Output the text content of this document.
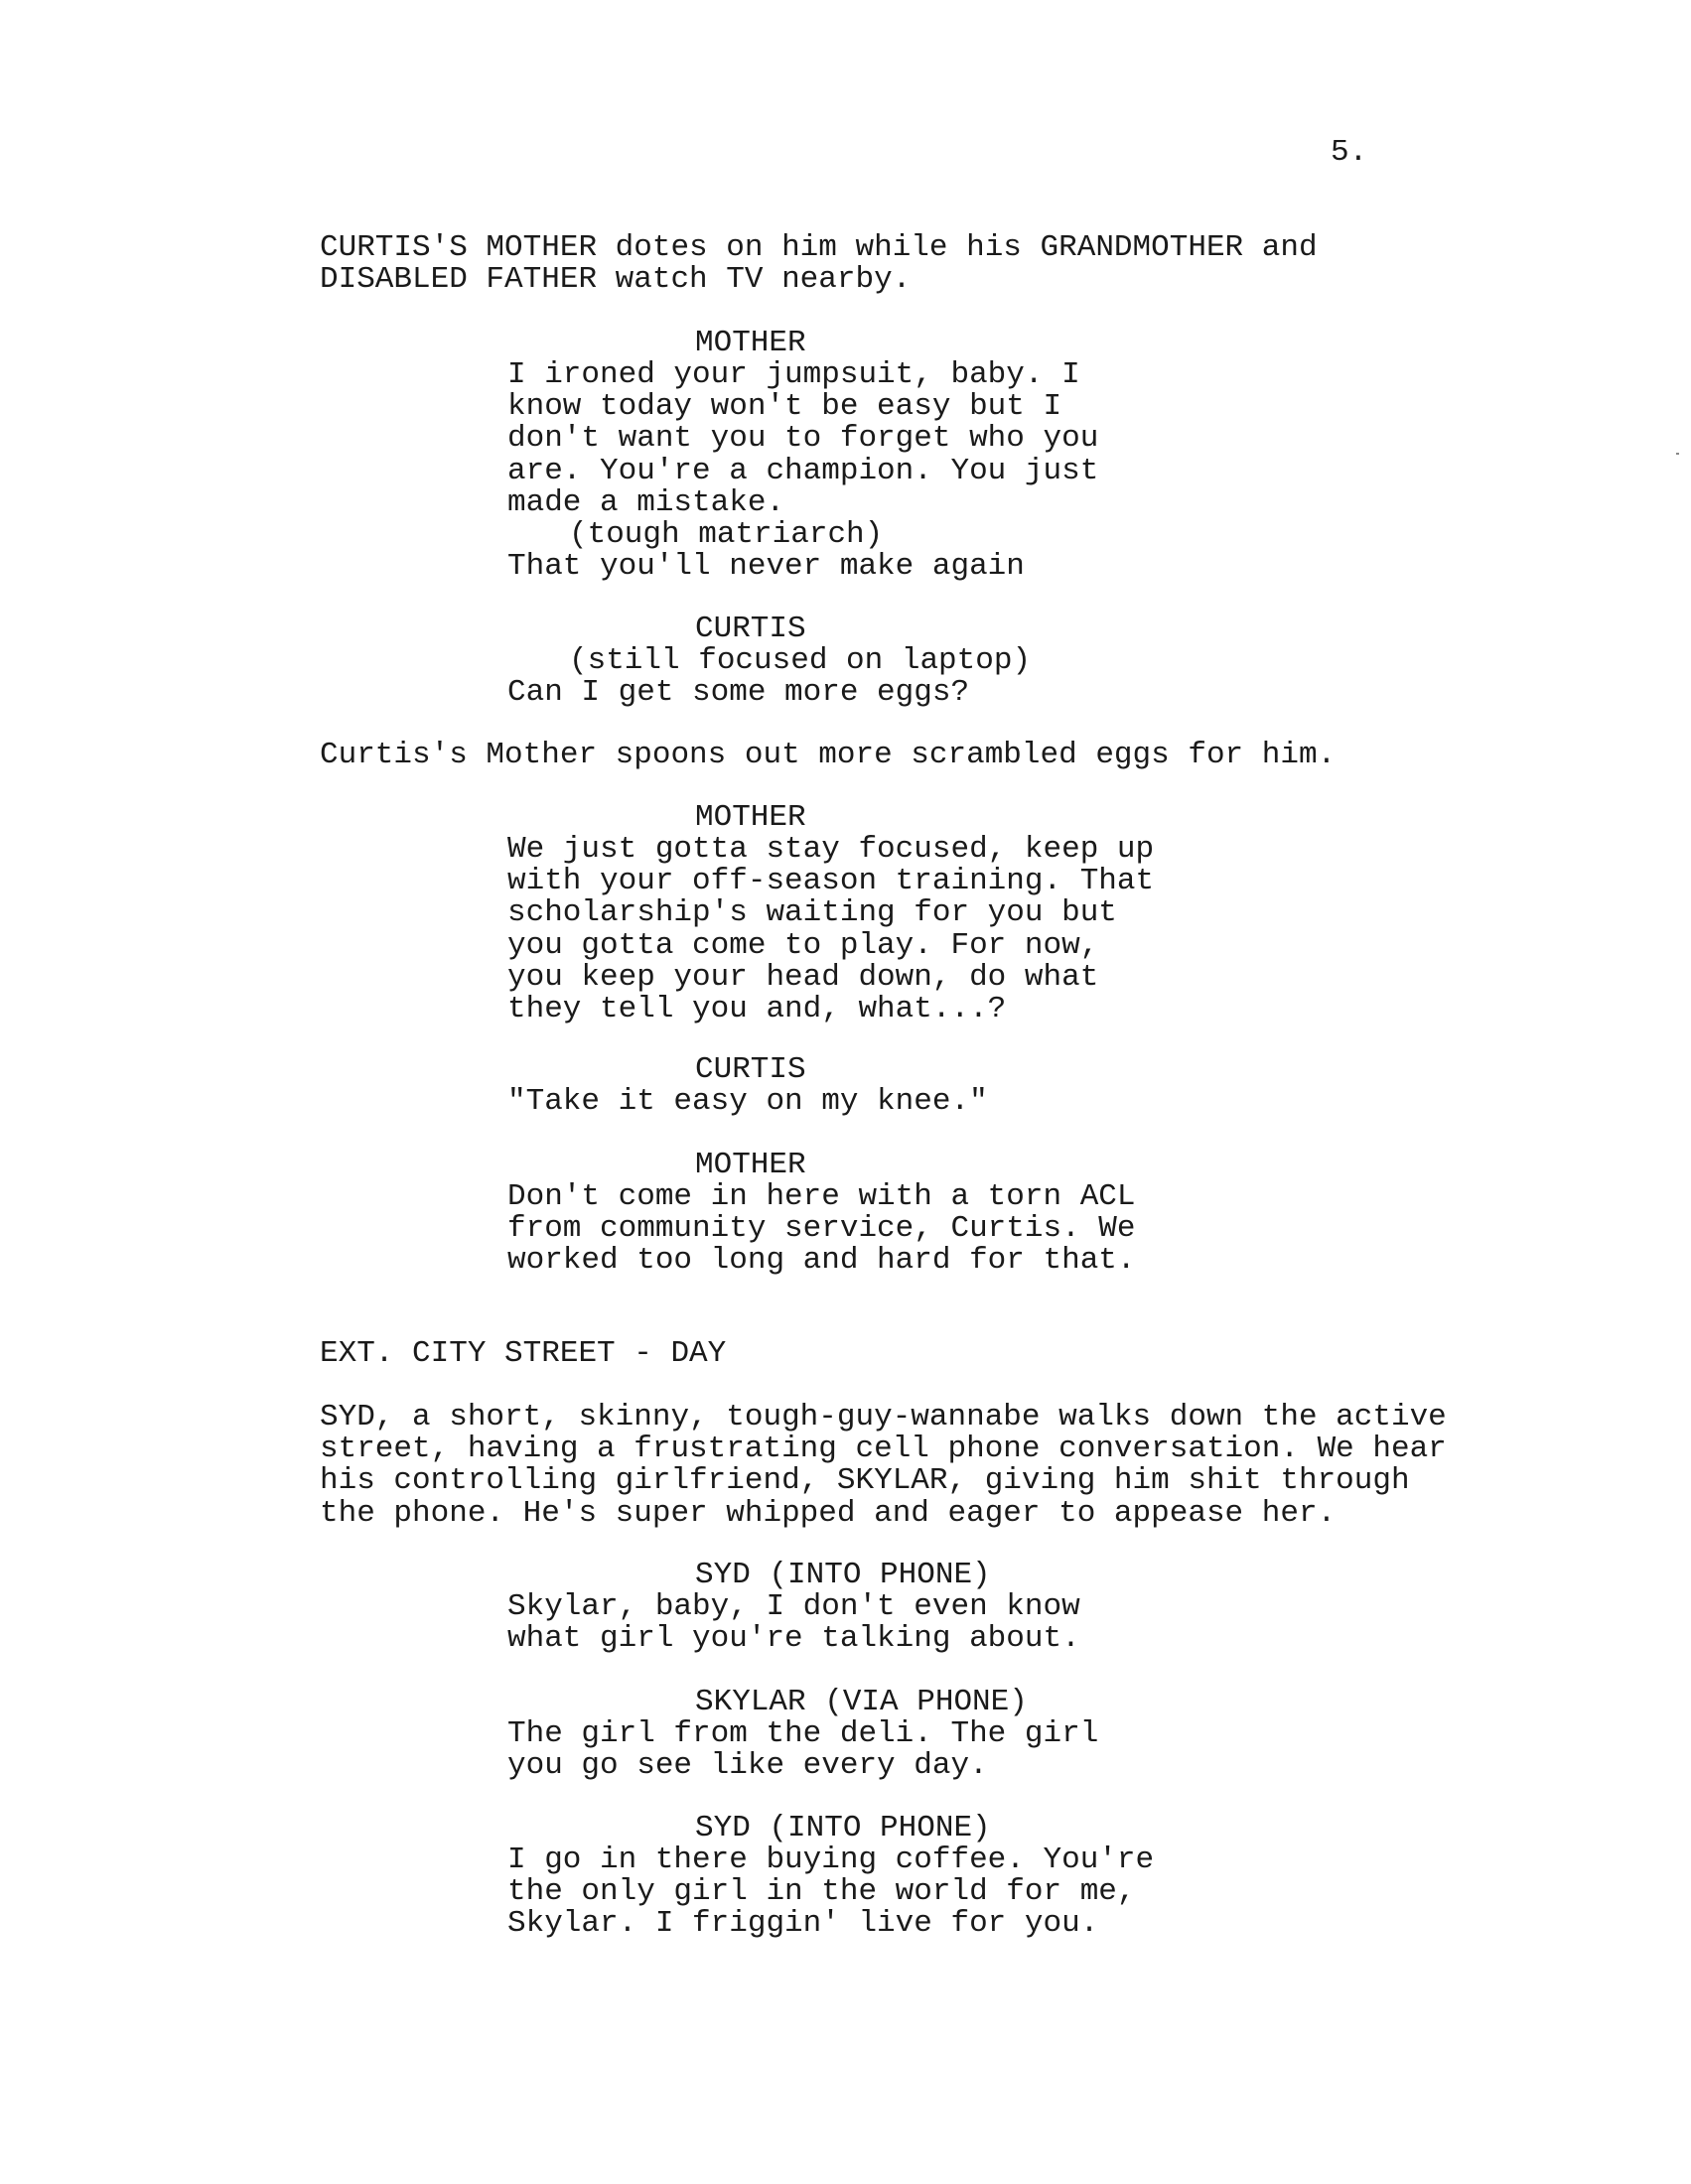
5.
CURTIS'S MOTHER dotes on him while his GRANDMOTHER and
DISABLED FATHER watch TV nearby.
MOTHER
I ironed your jumpsuit, baby. I
know today won't be easy but I
don't want you to forget who you
are. You're a champion. You just
made a mistake.
(tough matriarch)
That you'll never make again
CURTIS
(still focused on laptop)
Can I get some more eggs?
Curtis's Mother spoons out more scrambled eggs for him.
MOTHER
We just gotta stay focused, keep up
with your off-season training. That
scholarship's waiting for you but
you gotta come to play. For now,
you keep your head down, do what
they tell you and, what...?
CURTIS
"Take it easy on my knee."
MOTHER
Don't come in here with a torn ACL
from community service, Curtis. We
worked too long and hard for that.
EXT. CITY STREET - DAY
SYD, a short, skinny, tough-guy-wannabe walks down the active
street, having a frustrating cell phone conversation. We hear
his controlling girlfriend, SKYLAR, giving him shit through
the phone. He's super whipped and eager to appease her.
SYD (INTO PHONE)
Skylar, baby, I don't even know
what girl you're talking about.
SKYLAR (VIA PHONE)
The girl from the deli. The girl
you go see like every day.
SYD (INTO PHONE)
I go in there buying coffee. You're
the only girl in the world for me,
Skylar. I friggin' live for you.
